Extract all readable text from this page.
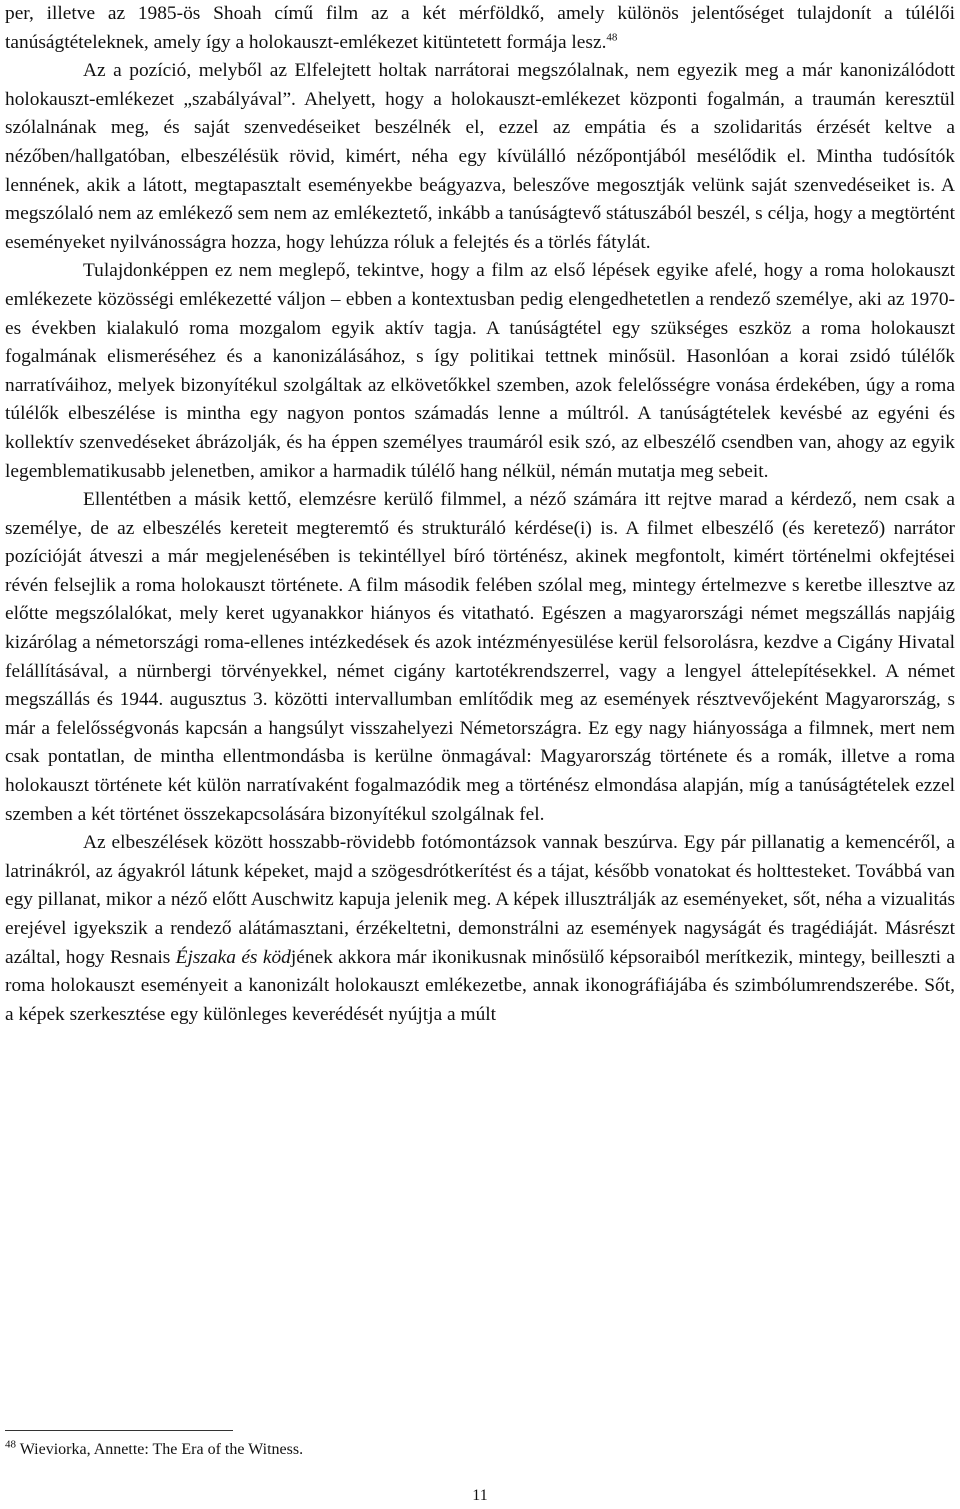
per, illetve az 1985-ös Shoah című film az a két mérföldkő, amely különös jelentőséget tulajdonít a túlélői tanúságtételeknek, amely így a holokauszt-emlékezet kitüntetett formája lesz.$^{48}$

Az a pozíció, melyből az Elfelejtett holtak narrátorai megszólalnak, nem egyezik meg a már kanonizálódott holokauszt-emlékezet „szabályával”. Ahelyett, hogy a holokauszt-emlékezet központi fogalmán, a traumán keresztül szólalnának meg, és saját szenvedéseiket beszélnék el, ezzel az empátia és a szolidaritás érzését keltve a nézőben/hallgatóban, elbeszélésük rövid, kimért, néha egy kívülálló nézőpontjából mesélődik el. Mintha tudósítók lennének, akik a látott, megtapasztalt eseményekbe beágyazva, beleszőve megosztják velünk saját szenvedéseiket is. A megszólaló nem az emlékező sem nem az emlékeztető, inkább a tanúságtevő státuszából beszél, s célja, hogy a megtörtént eseményeket nyilvánosságra hozza, hogy lehúzza róluk a felejtés és a törlés fátylát.

Tulajdonképpen ez nem meglepő, tekintve, hogy a film az első lépések egyike afelé, hogy a roma holokauszt emlékezete közösségi emlékezetté váljon – ebben a kontextusban pedig elengedhetetlen a rendező személye, aki az 1970-es években kialakuló roma mozgalom egyik aktív tagja. A tanúságtétel egy szükséges eszköz a roma holokauszt fogalmának elismeréséhez és a kanonizálásához, s így politikai tettnek minősül. Hasonlóan a korai zsidó túlélők narratíváihoz, melyek bizonyítékul szolgáltak az elkövetőkkel szemben, azok felelősségre vonása érdekében, úgy a roma túlélők elbeszélése is mintha egy nagyon pontos számadás lenne a múltról. A tanúságtételek kevésbé az egyéni és kollektív szenvedéseket ábrázolják, és ha éppen személyes traumáról esik szó, az elbeszélő csendben van, ahogy az egyik legemblematikusabb jelenetben, amikor a harmadik túlélő hang nélkül, némán mutatja meg sebeit.

Ellentétben a másik kettő, elemzésre kerülő filmmel, a néző számára itt rejtve marad a kérdező, nem csak a személye, de az elbeszélés kereteit megteremtő és strukturáló kérdése(i) is. A filmet elbeszélő (és keretező) narrátor pozícióját átveszi a már megjelenésében is tekintéllyel bíró történész, akinek megfontolt, kimért történelmi okfejtései révén felsejlik a roma holokauszt története. A film második felében szólal meg, mintegy értelmezve s keretbe illesztve az előtte megszólalókat, mely keret ugyanakkor hiányos és vitatható. Egészen a magyarországi német megszállás napjáig kizárólag a németországi roma-ellenes intézkedések és azok intézményesülése kerül felsorolásra, kezdve a Cigány Hivatal felállításával, a nürnbergi törvényekkel, német cigány kartotékrendszerrel, vagy a lengyel áttelepítésekkel. A német megszállás és 1944. augusztus 3. közötti intervallumban említődik meg az események résztvevőjeként Magyarország, s már a felelősségvonás kapcsán a hangsúlyt visszahelyezi Németországra. Ez egy nagy hiányossága a filmnek, mert nem csak pontatlan, de mintha ellentmondásba is kerülne önmagával: Magyarország története és a romák, illetve a roma holokauszt története két külön narratívaként fogalmazódik meg a történész elmondása alapján, míg a tanúságtételek ezzel szemben a két történet összekapcsolására bizonyítékul szolgálnak fel.

Az elbeszélések között hosszabb-rövidebb fotómontázsok vannak beszúrva. Egy pár pillanatig a kemencéről, a latrinákról, az ágyakról látunk képeket, majd a szögesdrótkerítést és a tájat, később vonatokat és holttesteket. Továbbá van egy pillanat, mikor a néző előtt Auschwitz kapuja jelenik meg. A képek illusztrálják az eseményeket, sőt, néha a vizualitás erejével igyekszik a rendező alátámasztani, érzékeltetni, demonstrálni az események nagyságát és tragédiáját. Másrészt azáltal, hogy Resnais Éjszaka és ködjének akkora már ikonikusnak minősülő képsoraiból merítkezik, mintegy, beilleszti a roma holokauszt eseményeit a kanonizált holokauszt emlékezetbe, annak ikonográfiájába és szimbólumrendszerébe. Sőt, a képek szerkesztése egy különleges keverédését nyújtja a múlt

$^{48}$ Wieviorka, Annette: The Era of the Witness.
11
